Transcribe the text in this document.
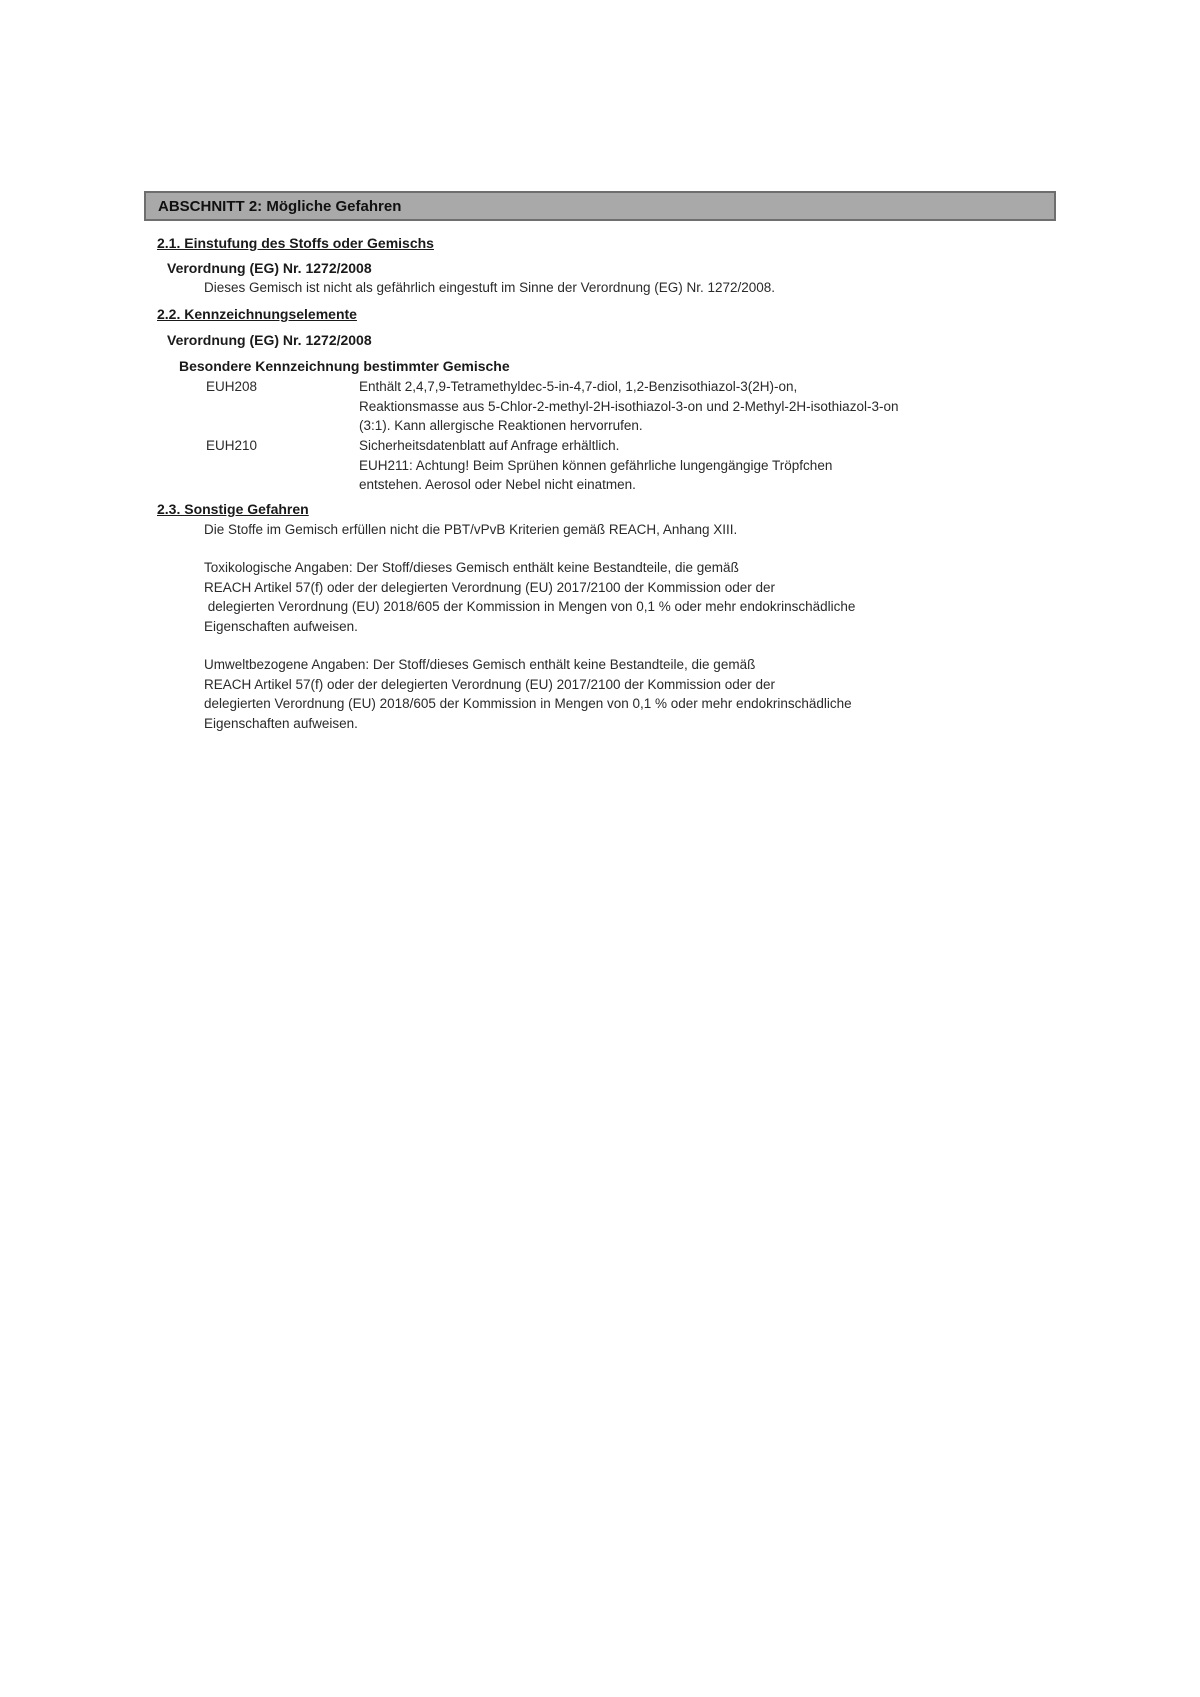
ABSCHNITT 2: Mögliche Gefahren
2.1. Einstufung des Stoffs oder Gemischs
Verordnung (EG) Nr. 1272/2008
Dieses Gemisch ist nicht als gefährlich eingestuft im Sinne der Verordnung (EG) Nr. 1272/2008.
2.2. Kennzeichnungselemente
Verordnung (EG) Nr. 1272/2008
Besondere Kennzeichnung bestimmter Gemische
EUH208	Enthält 2,4,7,9-Tetramethyldec-5-in-4,7-diol, 1,2-Benzisothiazol-3(2H)-on,
Reaktionsmasse aus 5-Chlor-2-methyl-2H-isothiazol-3-on und 2-Methyl-2H-isothiazol-3-on
(3:1). Kann allergische Reaktionen hervorrufen.
EUH210	Sicherheitsdatenblatt auf Anfrage erhältlich.
EUH211: Achtung! Beim Sprühen können gefährliche lungengängige Tröpfchen
entstehen. Aerosol oder Nebel nicht einatmen.
2.3. Sonstige Gefahren
Die Stoffe im Gemisch erfüllen nicht die PBT/vPvB Kriterien gemäß REACH, Anhang XIII.
Toxikologische Angaben: Der Stoff/dieses Gemisch enthält keine Bestandteile, die gemäß
REACH Artikel 57(f) oder der delegierten Verordnung (EU) 2017/2100 der Kommission oder der
delegierten Verordnung (EU) 2018/605 der Kommission in Mengen von 0,1 % oder mehr endokrinschädliche
Eigenschaften aufweisen.
Umweltbezogene Angaben: Der Stoff/dieses Gemisch enthält keine Bestandteile, die gemäß
REACH Artikel 57(f) oder der delegierten Verordnung (EU) 2017/2100 der Kommission oder der
delegierten Verordnung (EU) 2018/605 der Kommission in Mengen von 0,1 % oder mehr endokrinschädliche
Eigenschaften aufweisen.
